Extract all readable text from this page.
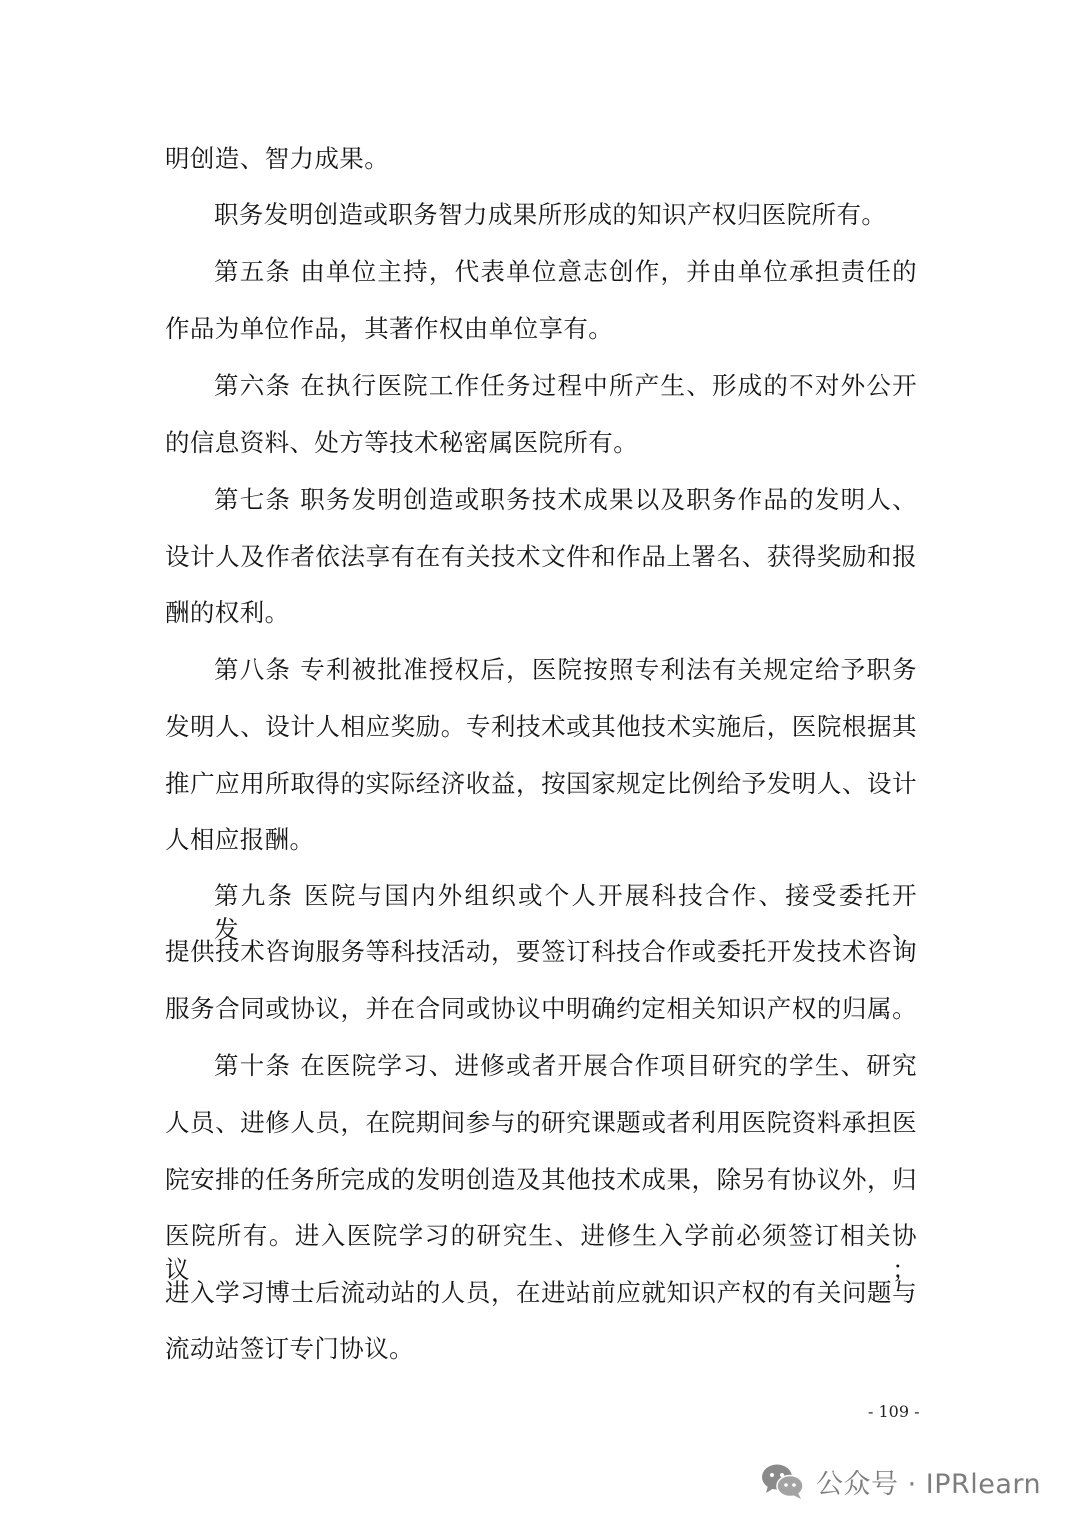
明创造、智力成果。
职务发明创造或职务智力成果所形成的知识产权归医院所有。
第五条 由单位主持，代表单位意志创作，并由单位承担责任的
作品为单位作品，其著作权由单位享有。
第六条 在执行医院工作任务过程中所产生、形成的不对外公开
的信息资料、处方等技术秘密属医院所有。
第七条 职务发明创造或职务技术成果以及职务作品的发明人、
设计人及作者依法享有在有关技术文件和作品上署名、获得奖励和报
酬的权利。
第八条 专利被批准授权后，医院按照专利法有关规定给予职务
发明人、设计人相应奖励。专利技术或其他技术实施后，医院根据其
推广应用所取得的实际经济收益，按国家规定比例给予发明人、设计
人相应报酬。
第九条 医院与国内外组织或个人开展科技合作、接受委托开发、
提供技术咨询服务等科技活动，要签订科技合作或委托开发技术咨询
服务合同或协议，并在合同或协议中明确约定相关知识产权的归属。
第十条 在医院学习、进修或者开展合作项目研究的学生、研究
人员、进修人员，在院期间参与的研究课题或者利用医院资料承担医
院安排的任务所完成的发明创造及其他技术成果，除另有协议外，归
医院所有。进入医院学习的研究生、进修生入学前必须签订相关协议；
进入学习博士后流动站的人员，在进站前应就知识产权的有关问题与
流动站签订专门协议。
- 109 -
公众号 · IPRlearn
